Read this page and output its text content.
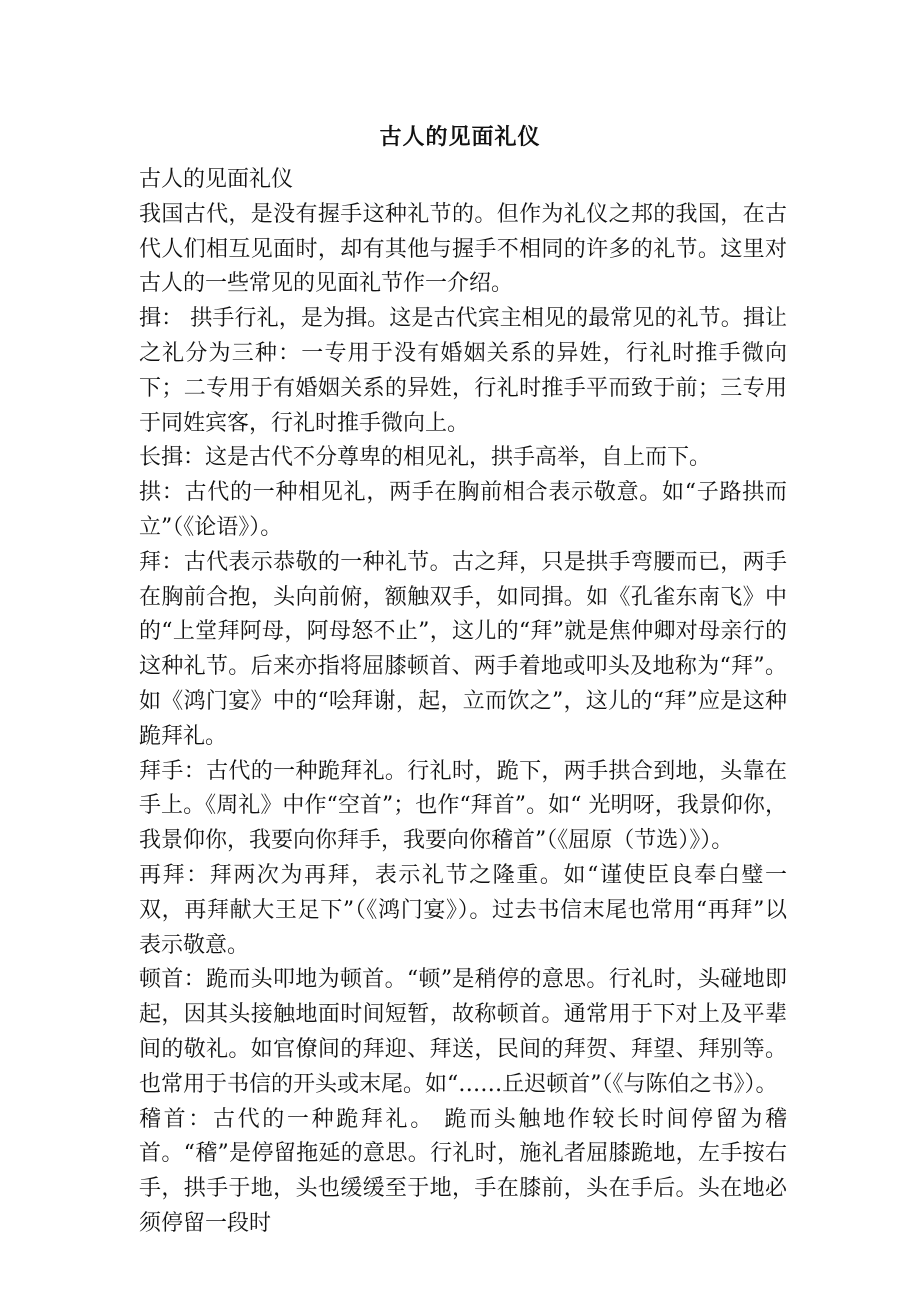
古人的见面礼仪

古人的见面礼仪

我国古代，是没有握手这种礼节的。但作为礼仪之邦的我国，在古代人们相互见面时，却有其他与握手不相同的许多的礼节。这里对古人的一些常见的见面礼节作一介绍。

揖： 拱手行礼，是为揖。这是古代宾主相见的最常见的礼节。揖让之礼分为三种：一专用于没有婚姻关系的异姓，行礼时推手微向下；二专用于有婚姻关系的异姓，行礼时推手平而致于前；三专用于同姓宾客，行礼时推手微向上。

长揖：这是古代不分尊卑的相见礼，拱手高举，自上而下。

拱：古代的一种相见礼，两手在胸前相合表示敬意。如“子路拱而立”（《论语》）。

拜：古代表示恭敬的一种礼节。古之拜，只是拱手弯腰而已，两手在胸前合抱，头向前俯，额触双手，如同揖。如《孔雀东南飞》中的“上堂拜阿母，阿母怒不止”，这儿的“拜”就是焦仲卿对母亲行的这种礼节。后来亦指将屈膝顿首、两手着地或叩头及地称为“拜”。如《鸿门宴》中的“哙拜谢，起，立而饮之”，这儿的“拜”应是这种跪拜礼。

拜手：古代的一种跪拜礼。行礼时，跪下，两手拱合到地，头靠在手上。《周礼》中作“空首”；也作“拜首”。如“ 光明呀，我景仰你，我景仰你，我要向你拜手，我要向你稽首”（《屈原（节选）》）。

再拜：拜两次为再拜，表示礼节之隆重。如“谨使臣良奉白璧一双，再拜献大王足下”（《鸿门宴》）。过去书信末尾也常用“再拜”以表示敬意。

顿首：跪而头叩地为顿首。“顿”是稍停的意思。行礼时，头碰地即起，因其头接触地面时间短暂，故称顿首。通常用于下对上及平辈间的敬礼。如官僚间的拜迎、拜送，民间的拜贺、拜望、拜别等。也常用于书信的开头或末尾。如“……丘迟顿首”（《与陈伯之书》）。

稽首：古代的一种跪拜礼。 跪而头触地作较长时间停留为稽首。“稽”是停留拖延的意思。行礼时，施礼者屈膝跪地，左手按右手，拱手于地，头也缓缓至于地，手在膝前，头在手后。头在地必须停留一段时
